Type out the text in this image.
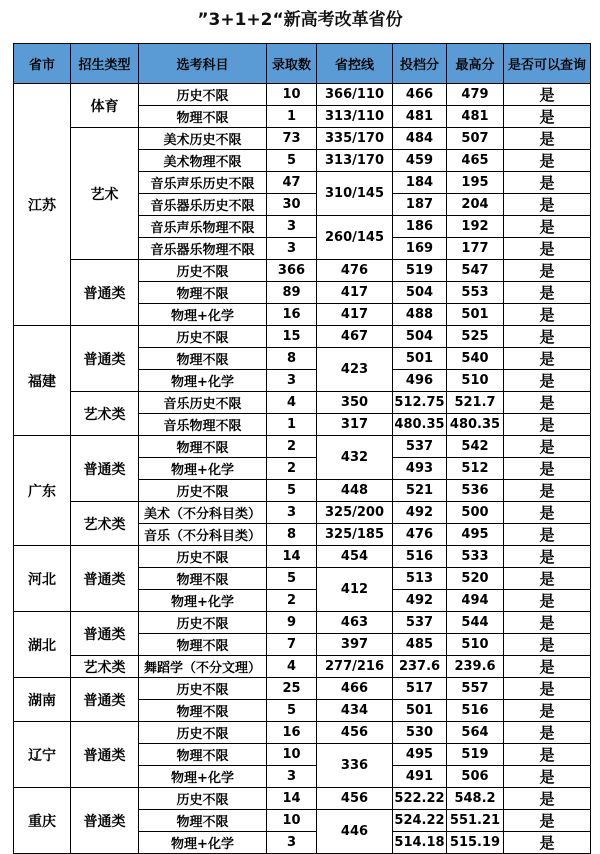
”3+1+2“新高考改革省份
省市	招生类型	选考科目	录取数	省控线	投档分	最高分	是否可以查询
江苏	体育	历史不限	10	366/110	466	479	是
		物理不限	1	313/110	481	481	是
	艺术	美术历史不限	73	335/170	484	507	是
		美术物理不限	5	313/170	459	465	是
		音乐声乐历史不限	47	310/145	184	195	是
		音乐器乐历史不限	30		187	204	是
		音乐声乐物理不限	3	260/145	186	192	是
		音乐器乐物理不限	3		169	177	是
	普通类	历史不限	366	476	519	547	是
		物理不限	89	417	504	553	是
		物理+化学	16	417	488	501	是
福建	普通类	历史不限	15	467	504	525	是
		物理不限	8	423	501	540	是
		物理+化学	3		496	510	是
	艺术类	音乐历史不限	4	350	512.75	521.7	是
		音乐物理不限	1	317	480.35	480.35	是
广东	普通类	物理不限	2	432	537	542	是
		物理+化学	2		493	512	是
		历史不限	5	448	521	536	是
	艺术类	美术（不分科目类）	3	325/200	492	500	是
		音乐（不分科目类）	8	325/185	476	495	是
河北	普通类	历史不限	14	454	516	533	是
		物理不限	5	412	513	520	是
		物理+化学	2		492	494	是
湖北	普通类	历史不限	9	463	537	544	是
		物理不限	7	397	485	510	是
	艺术类	舞蹈学（不分文理）	4	277/216	237.6	239.6	是
湖南	普通类	历史不限	25	466	517	557	是
		物理不限	5	434	501	516	是
辽宁	普通类	历史不限	16	456	530	564	是
		物理不限	10	336	495	519	是
		物理+化学	3		491	506	是
重庆	普通类	历史不限	14	456	522.22	548.2	是
		物理不限	10	446	524.22	551.21	是
		物理+化学	3		514.18	515.19	是
